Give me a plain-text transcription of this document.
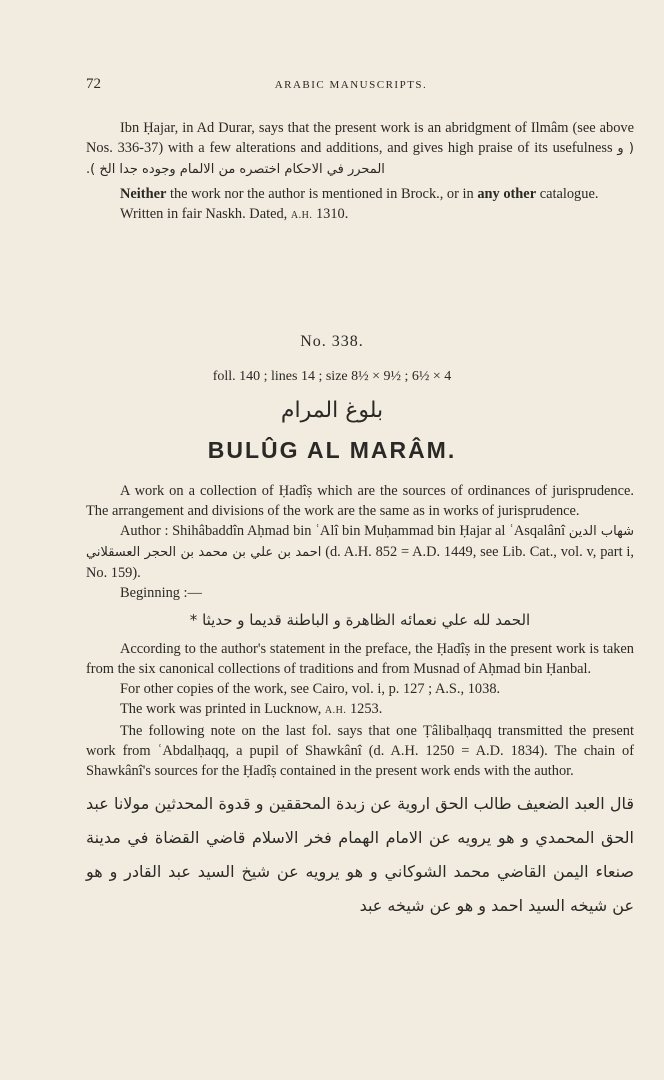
72	ARABIC MANUSCRIPTS.

Ibn Ḥajar, in Ad Durar, says that the present work is an abridgment of Ilmâm (see above Nos. 336-37) with a few alterations and additions, and gives high praise of its usefulness ( و المحرر في الاحكام اختصره من الالمام وجوده جدا الخ ).

Neither the work nor the author is mentioned in Brock., or in any other catalogue.

Written in fair Naskh. Dated, A.H. 1310.

No. 338.
foll. 140 ; lines 14 ; size 8½ × 9½ ; 6½ × 4
بلوغ المرام
BULÛG AL MARÂM.

A work on a collection of Ḥadîṣ which are the sources of ordinances of jurisprudence. The arrangement and divisions of the work are the same as in works of jurisprudence.

Author : Shihâbaddîn Aḥmad bin ʿAlî bin Muḥammad bin Ḥajar al ʿAsqalânî شهاب الدين احمد بن علي بن محمد بن الحجر العسقلاني (d. A.H. 852 = A.D. 1449, see Lib. Cat., vol. v, part i, No. 159).

Beginning :—

الحمد لله علي نعمائه الظاهرة و الباطنة قديما و حديثا *

According to the author's statement in the preface, the Ḥadîṣ in the present work is taken from the six canonical collections of traditions and from Musnad of Aḥmad bin Ḥanbal.

For other copies of the work, see Cairo, vol. i, p. 127 ; A.S., 1038.

The work was printed in Lucknow, A.H. 1253.

The following note on the last fol. says that one Ṭâlibalḥaqq transmitted the present work from ʿAbdalḥaqq, a pupil of Shawkânî (d. A.H. 1250 = A.D. 1834). The chain of Shawkânî's sources for the Ḥadîṣ contained in the present work ends with the author.

قال العبد الضعيف طالب الحق اروية عن زبدة المحققين و قدوة المحدثين مولانا عبد الحق المحمدي و هو يرويه عن الامام الهمام فخر الاسلام قاضي القضاة في مدينة صنعاء اليمن القاضي محمد الشوكاني و هو يرويه عن شيخ السيد عبد القادر و هو عن شيخه السيد احمد و هو عن شيخه عبد
